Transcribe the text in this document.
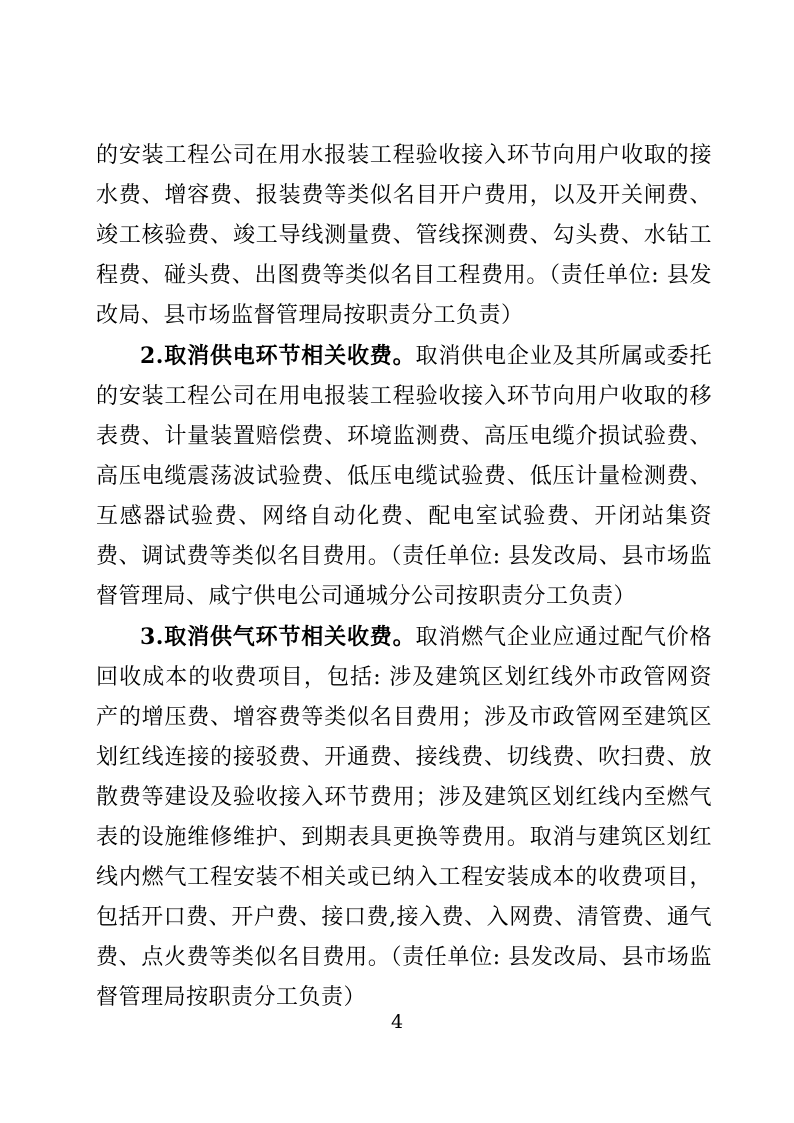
的安装工程公司在用水报装工程验收接入环节向用户收取的接水费、增容费、报装费等类似名目开户费用，以及开关闸费、竣工核验费、竣工导线测量费、管线探测费、勾头费、水钻工程费、碰头费、出图费等类似名目工程费用。（责任单位: 县发改局、县市场监督管理局按职责分工负责）

2.取消供电环节相关收费。取消供电企业及其所属或委托的安装工程公司在用电报装工程验收接入环节向用户收取的移表费、计量装置赔偿费、环境监测费、高压电缆介损试验费、高压电缆震荡波试验费、低压电缆试验费、低压计量检测费、互感器试验费、网络自动化费、配电室试验费、开闭站集资费、调试费等类似名目费用。（责任单位: 县发改局、县市场监督管理局、咸宁供电公司通城分公司按职责分工负责）

3.取消供气环节相关收费。取消燃气企业应通过配气价格回收成本的收费项目，包括: 涉及建筑区划红线外市政管网资产的增压费、增容费等类似名目费用；涉及市政管网至建筑区划红线连接的接驳费、开通费、接线费、切线费、吹扫费、放散费等建设及验收接入环节费用；涉及建筑区划红线内至燃气表的设施维修维护、到期表具更换等费用。取消与建筑区划红线内燃气工程安装不相关或已纳入工程安装成本的收费项目，包括开口费、开户费、接口费,接入费、入网费、清管费、通气费、点火费等类似名目费用。（责任单位: 县发改局、县市场监督管理局按职责分工负责）

4
